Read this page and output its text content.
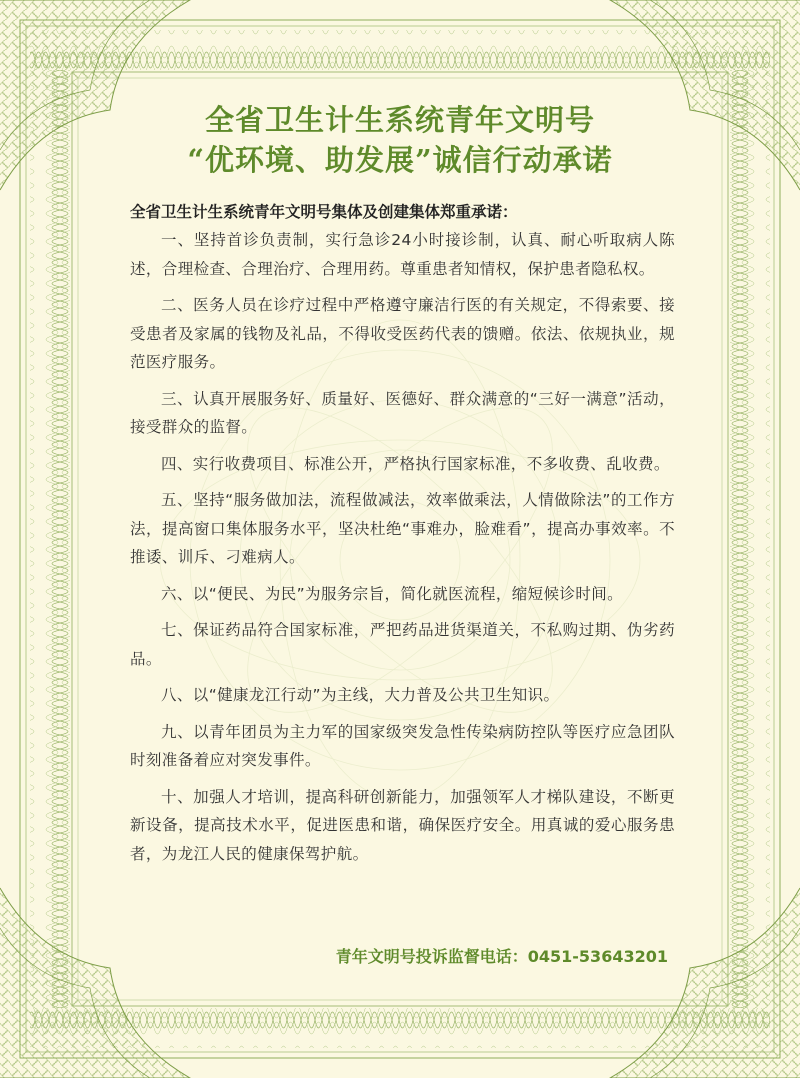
全省卫生计生系统青年文明号

“优环境、助发展”诚信行动承诺

全省卫生计生系统青年文明号集体及创建集体郑重承诺：

一、坚持首诊负责制，实行急诊24小时接诊制，认真、耐心听取病人陈述，合理检查、合理治疗、合理用药。尊重患者知情权，保护患者隐私权。

二、医务人员在诊疗过程中严格遵守廉洁行医的有关规定，不得索要、接受患者及家属的钱物及礼品，不得收受医药代表的馈赠。依法、依规执业，规范医疗服务。

三、认真开展服务好、质量好、医德好、群众满意的“三好一满意”活动，接受群众的监督。

四、实行收费项目、标准公开，严格执行国家标准，不多收费、乱收费。

五、坚持“服务做加法，流程做减法，效率做乘法，人情做除法”的工作方法，提高窗口集体服务水平，坚决杜绝“事难办，脸难看”，提高办事效率。不推诿、训斥、刁难病人。

六、以“便民、为民”为服务宗旨，简化就医流程，缩短候诊时间。

七、保证药品符合国家标准，严把药品进货渠道关，不私购过期、伪劣药品。

八、以“健康龙江行动”为主线，大力普及公共卫生知识。

九、以青年团员为主力军的国家级突发急性传染病防控队等医疗应急团队时刻准备着应对突发事件。

十、加强人才培训，提高科研创新能力，加强领军人才梯队建设，不断更新设备，提高技术水平，促进医患和谐，确保医疗安全。用真诚的爱心服务患者，为龙江人民的健康保驾护航。

青年文明号投诉监督电话：0451-53643201
